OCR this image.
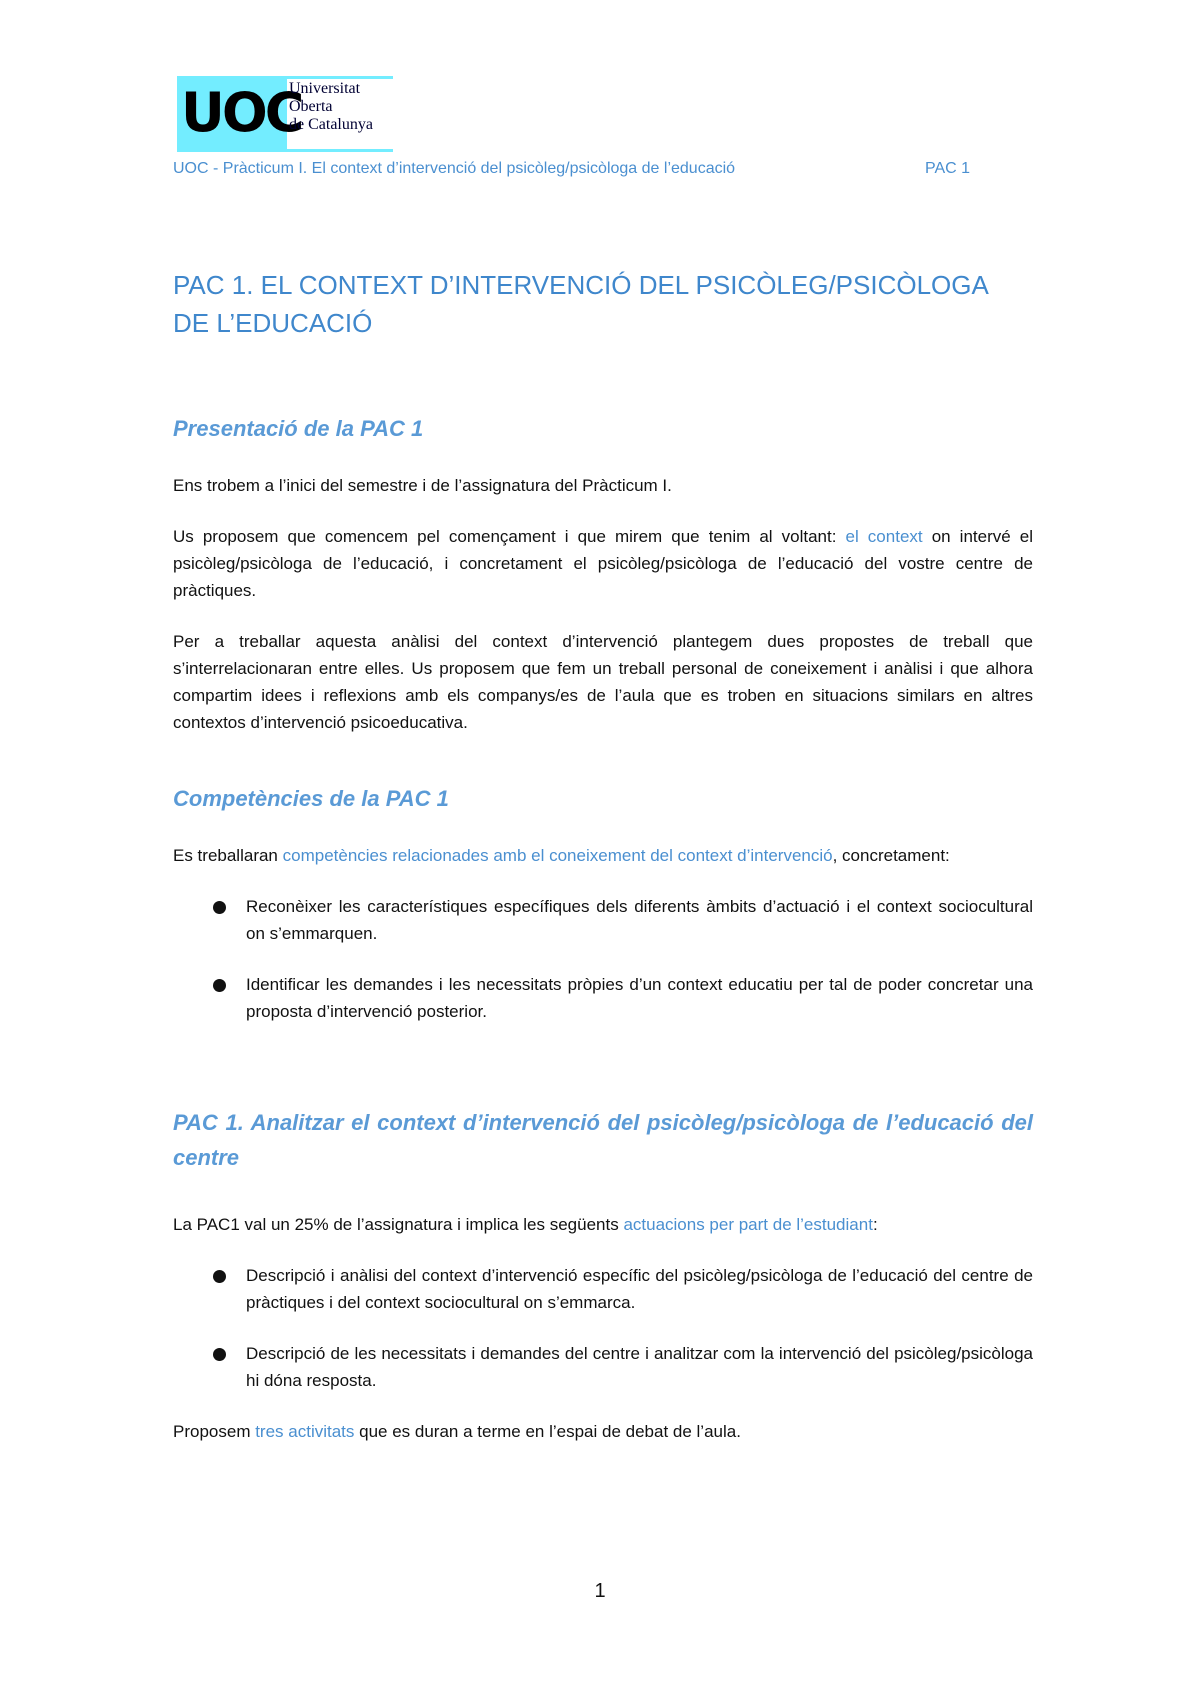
UOC
Universitat
Oberta
de Catalunya
UOC - Pràcticum I. El context d’intervenció del psicòleg/psicòloga de l’educació	PAC 1
PAC 1. EL CONTEXT D’INTERVENCIÓ DEL PSICÒLEG/PSICÒLOGA
DE L’EDUCACIÓ
Presentació de la PAC 1

Ens trobem a l’inici del semestre i de l’assignatura del Pràcticum I.

Us proposem que comencem pel començament i que mirem que tenim al voltant: el context on intervé el psicòleg/psicòloga de l’educació, i concretament el psicòleg/psicòloga de l’educació del vostre centre de pràctiques.

Per a treballar aquesta anàlisi del context d’intervenció plantegem dues propostes de treball que s’interrelacionaran entre elles. Us proposem que fem un treball personal de coneixement i anàlisi i que alhora compartim idees i reflexions amb els companys/es de l’aula que es troben en situacions similars en altres contextos d’intervenció psicoeducativa.

Competències de la PAC 1

Es treballaran competències relacionades amb el coneixement del context d’intervenció, concretament:

Reconèixer les característiques específiques dels diferents àmbits d’actuació i el context sociocultural on s’emmarquen.
Identificar les demandes i les necessitats pròpies d’un context educatiu per tal de poder concretar una proposta d’intervenció posterior.
PAC 1. Analitzar el context d’intervenció del psicòleg/psicòloga de l’educació del centre

La PAC1 val un 25% de l’assignatura i implica les següents actuacions per part de l’estudiant:

Descripció i anàlisi del context d’intervenció específic del psicòleg/psicòloga de l’educació del centre de pràctiques i del context sociocultural on s’emmarca.
Descripció de les necessitats i demandes del centre i analitzar com la intervenció del psicòleg/psicòloga hi dóna resposta.

Proposem tres activitats que es duran a terme en l’espai de debat de l’aula.

1
